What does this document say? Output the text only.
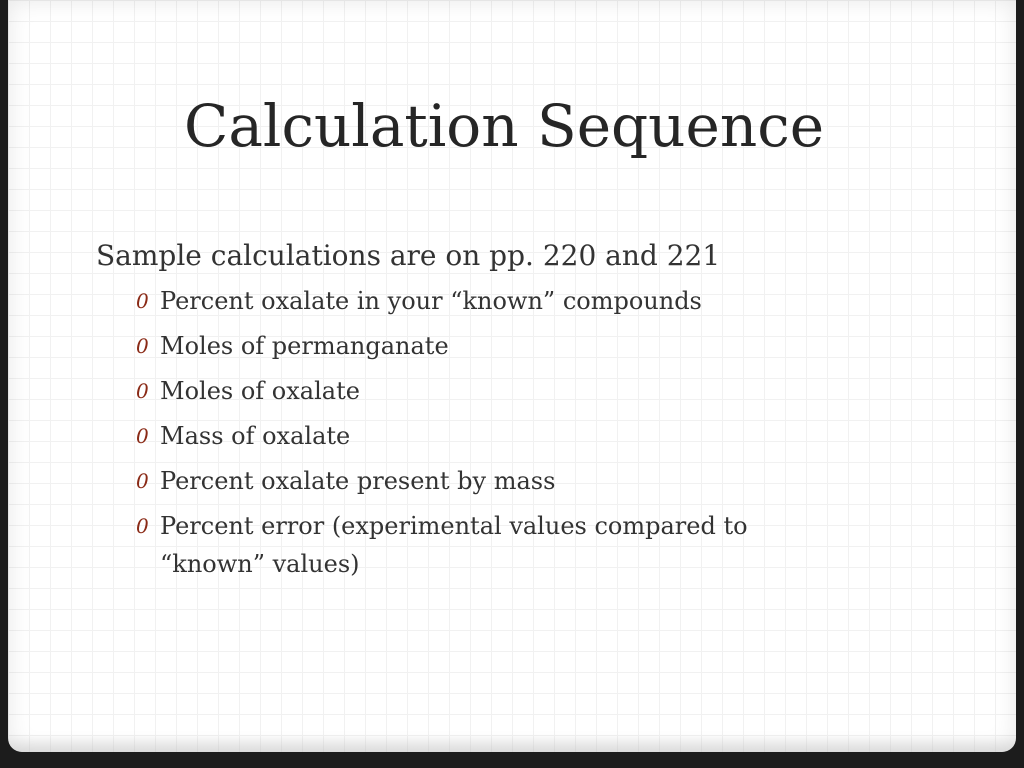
Calculation Sequence

Sample calculations are on pp. 220 and 221

0 Percent oxalate in your “known” compounds
0 Moles of permanganate
0 Moles of oxalate
0 Mass of oxalate
0 Percent oxalate present by mass
0 Percent error (experimental values compared to “known” values)
